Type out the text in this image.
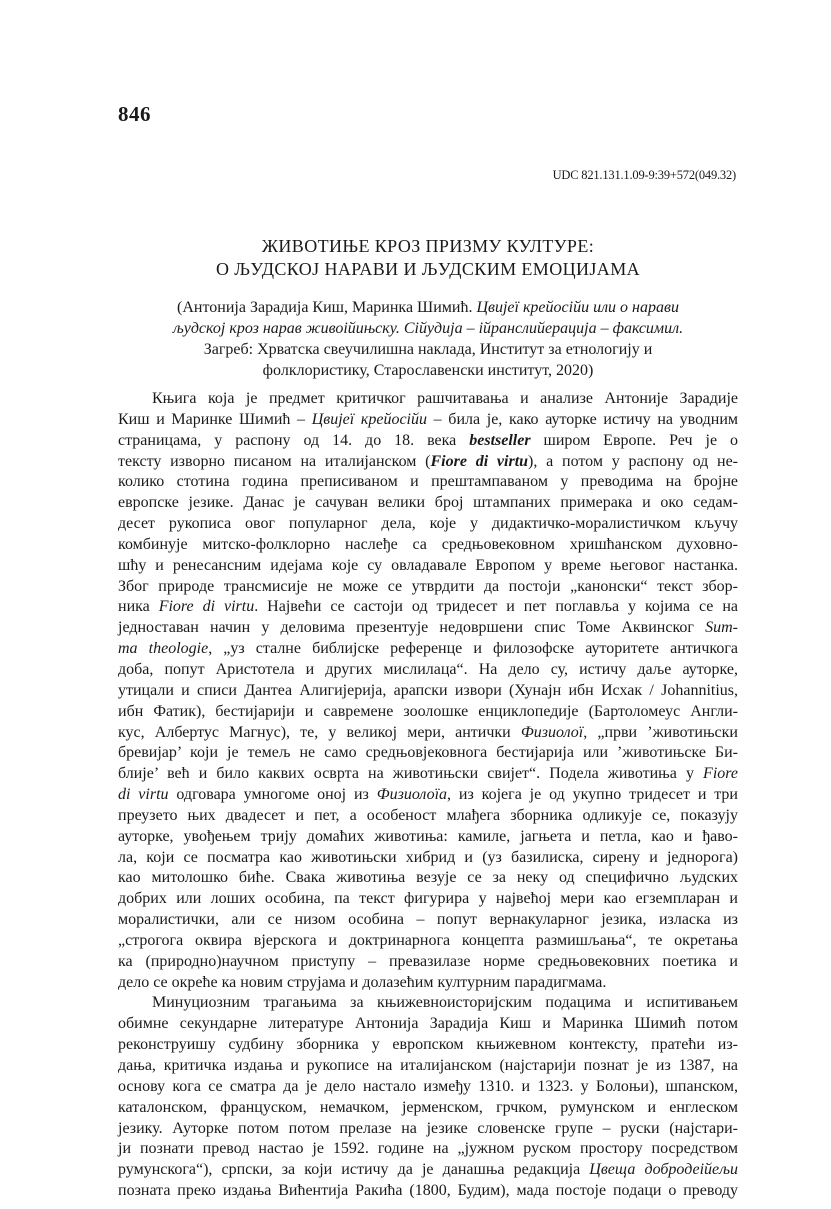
846
UDC 821.131.1.09-9:39+572(049.32)
ЖИВОТИЊЕ КРОЗ ПРИЗМУ КУЛТУРЕ:
О ЉУДСКОЈ НАРАВИ И ЉУДСКИМ ЕМОЦИЈАМА
(Антонија Зарадија Киш, Маринка Шимић. Цвијеї крейосійи или о нарави
људској кроз нарав живоійињску. Сійудија – ійранслийерација – факсимил.
Загреб: Хрватска свеучилишна наклада, Институт за етнологију и
фолклористику, Старославенски институт, 2020)
Књига која је предмет критичког рашчитавања и анализе Антоније Зарадије
Киш и Маринке Шимић – Цвијеї крейосійи – била је, како ауторке истичу на уводним
страницама, у распону од 14. до 18. века bestseller широм Европе. Реч је о
тексту изворно писаном на италијанском (Fiore di virtu), а потом у распону од не-
колико стотина година преписиваном и прештампаваном у преводима на бројне
европске језике. Данас је сачуван велики број штампаних примерака и око седам-
десет рукописа овог популарног дела, које у дидактичко-моралистичком кључу
комбинује митско-фолклорно наслеђе са средњовековном хришћанском духовно-
шћу и ренесансним идејама које су овладавале Европом у време његовог настанка.
Због природе трансмисије не може се утврдити да постоји „канонски“ текст збор-
ника Fiore di virtu. Највећи се састоји од тридесет и пет поглавља у којима се на
једноставан начин у деловима презентује недовршени спис Томе Аквинског Sum-
ma theologie, „уз сталне библијске референце и филозофске ауторитете античкога
доба, попут Аристотела и других мислилаца“. На дело су, истичу даље ауторке,
утицали и списи Дантеа Алигијерија, арапски извори (Хунајн ибн Исхак / Johannitius,
ибн Фатик), бестијарији и савремене зоолошке енциклопедије (Бартоломеус Англи-
кус, Албертус Магнус), те, у великој мери, антички Физиолої, „први ’животињски
бревијар’ који је темељ не само средњовјековнога бестијарија или ’животињске Би-
блије’ већ и било каквих осврта на животињски свијет“. Подела животиња у Fiore
di virtu одговара умногоме оној из Физиолоїа, из којега је од укупно тридесет и три
преузето њих двадесет и пет, а особеност млађега зборника одликује се, показују
ауторке, увођењем трију домаћих животиња: камиле, јагњета и петла, као и ђаво-
ла, који се посматра као животињски хибрид и (уз базилиска, сирену и једнорога)
као митолошко биће. Свака животиња везује се за неку од специфично људских
добрих или лоших особина, па текст фигурира у највећој мери као егземпларан и
моралистички, али се низом особина – попут вернакуларног језика, изласка из
„строгога оквира вјерскога и доктринарнога концепта размишљања“, те окретања
ка (природно)научном приступу – превазилазе норме средњовековних поетика и
дело се окреће ка новим струјама и долазећим културним парадигмама.
Минуциозним трагањима за књижевноисторијским подацима и испитивањем
обимне секундарне литературе Антонија Зарадија Киш и Маринка Шимић потом
реконструишу судбину зборника у европском књижевном контексту, пратећи из-
дања, критичка издања и рукописе на италијанском (најстарији познат је из 1387, на
основу кога се сматра да је дело настало између 1310. и 1323. у Болоњи), шпанском,
каталонском, француском, немачком, јерменском, грчком, румунском и енглеском
језику. Ауторке потом потом прелазе на језике словенске групе – руски (најстари-
ји познати превод настао је 1592. године на „јужном руском простору посредством
румунскога“), српски, за који истичу да је данашња редакција Цвеща добродеійељи
позната преко издања Вићентија Ракића (1800, Будим), мада постоје подаци о преводу
